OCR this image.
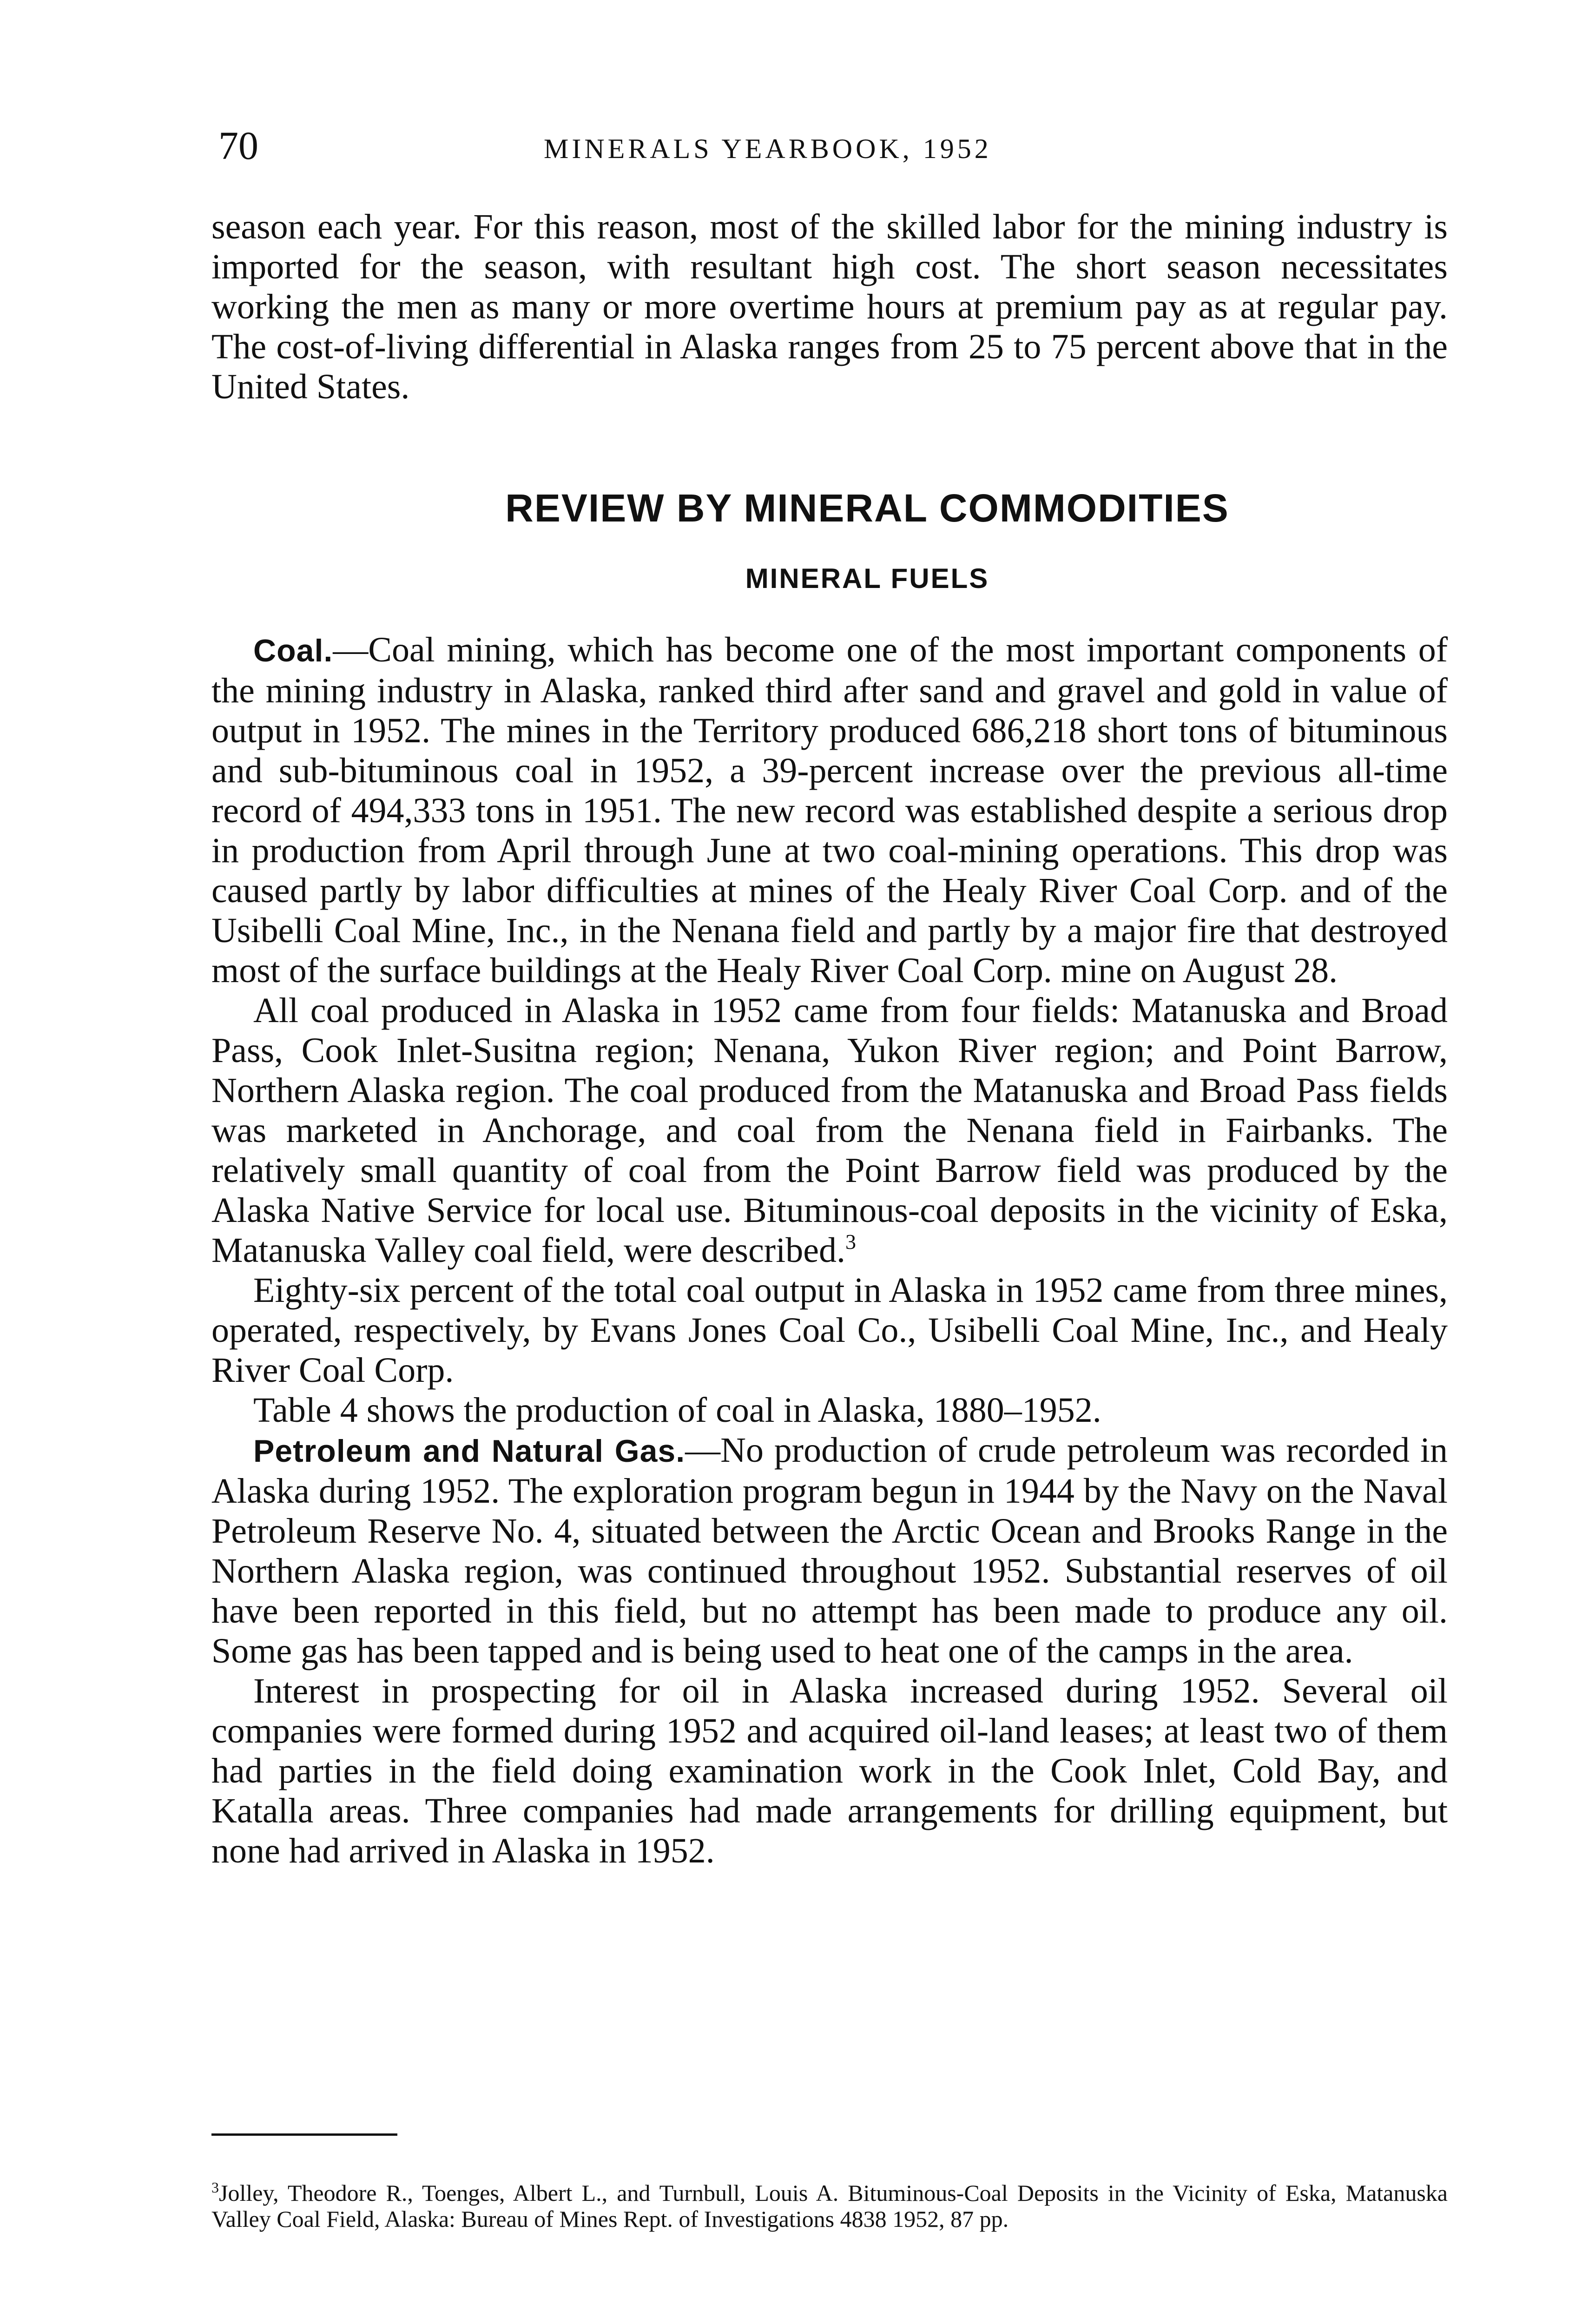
70	MINERALS YEARBOOK, 1952

season each year. For this reason, most of the skilled labor for the mining industry is imported for the season, with resultant high cost. The short season necessitates working the men as many or more overtime hours at premium pay as at regular pay. The cost-of-living differential in Alaska ranges from 25 to 75 percent above that in the United States.

REVIEW BY MINERAL COMMODITIES
MINERAL FUELS

Coal.—Coal mining, which has become one of the most important components of the mining industry in Alaska, ranked third after sand and gravel and gold in value of output in 1952. The mines in the Territory produced 686,218 short tons of bituminous and sub-bituminous coal in 1952, a 39-percent increase over the previous all-time record of 494,333 tons in 1951. The new record was established despite a serious drop in production from April through June at two coal-mining operations. This drop was caused partly by labor difficulties at mines of the Healy River Coal Corp. and of the Usibelli Coal Mine, Inc., in the Nenana field and partly by a major fire that destroyed most of the surface buildings at the Healy River Coal Corp. mine on August 28.

All coal produced in Alaska in 1952 came from four fields: Matanuska and Broad Pass, Cook Inlet-Susitna region; Nenana, Yukon River region; and Point Barrow, Northern Alaska region. The coal produced from the Matanuska and Broad Pass fields was marketed in Anchorage, and coal from the Nenana field in Fairbanks. The relatively small quantity of coal from the Point Barrow field was produced by the Alaska Native Service for local use. Bituminous-coal deposits in the vicinity of Eska, Matanuska Valley coal field, were described.$^3$

Eighty-six percent of the total coal output in Alaska in 1952 came from three mines, operated, respectively, by Evans Jones Coal Co., Usibelli Coal Mine, Inc., and Healy River Coal Corp.

Table 4 shows the production of coal in Alaska, 1880–1952.

Petroleum and Natural Gas.—No production of crude petroleum was recorded in Alaska during 1952. The exploration program begun in 1944 by the Navy on the Naval Petroleum Reserve No. 4, situated between the Arctic Ocean and Brooks Range in the Northern Alaska region, was continued throughout 1952. Substantial reserves of oil have been reported in this field, but no attempt has been made to produce any oil. Some gas has been tapped and is being used to heat one of the camps in the area.

Interest in prospecting for oil in Alaska increased during 1952. Several oil companies were formed during 1952 and acquired oil-land leases; at least two of them had parties in the field doing examination work in the Cook Inlet, Cold Bay, and Katalla areas. Three companies had made arrangements for drilling equipment, but none had arrived in Alaska in 1952.

$^3$Jolley, Theodore R., Toenges, Albert L., and Turnbull, Louis A. Bituminous-Coal Deposits in the Vicinity of Eska, Matanuska Valley Coal Field, Alaska: Bureau of Mines Rept. of Investigations 4838 1952, 87 pp.
